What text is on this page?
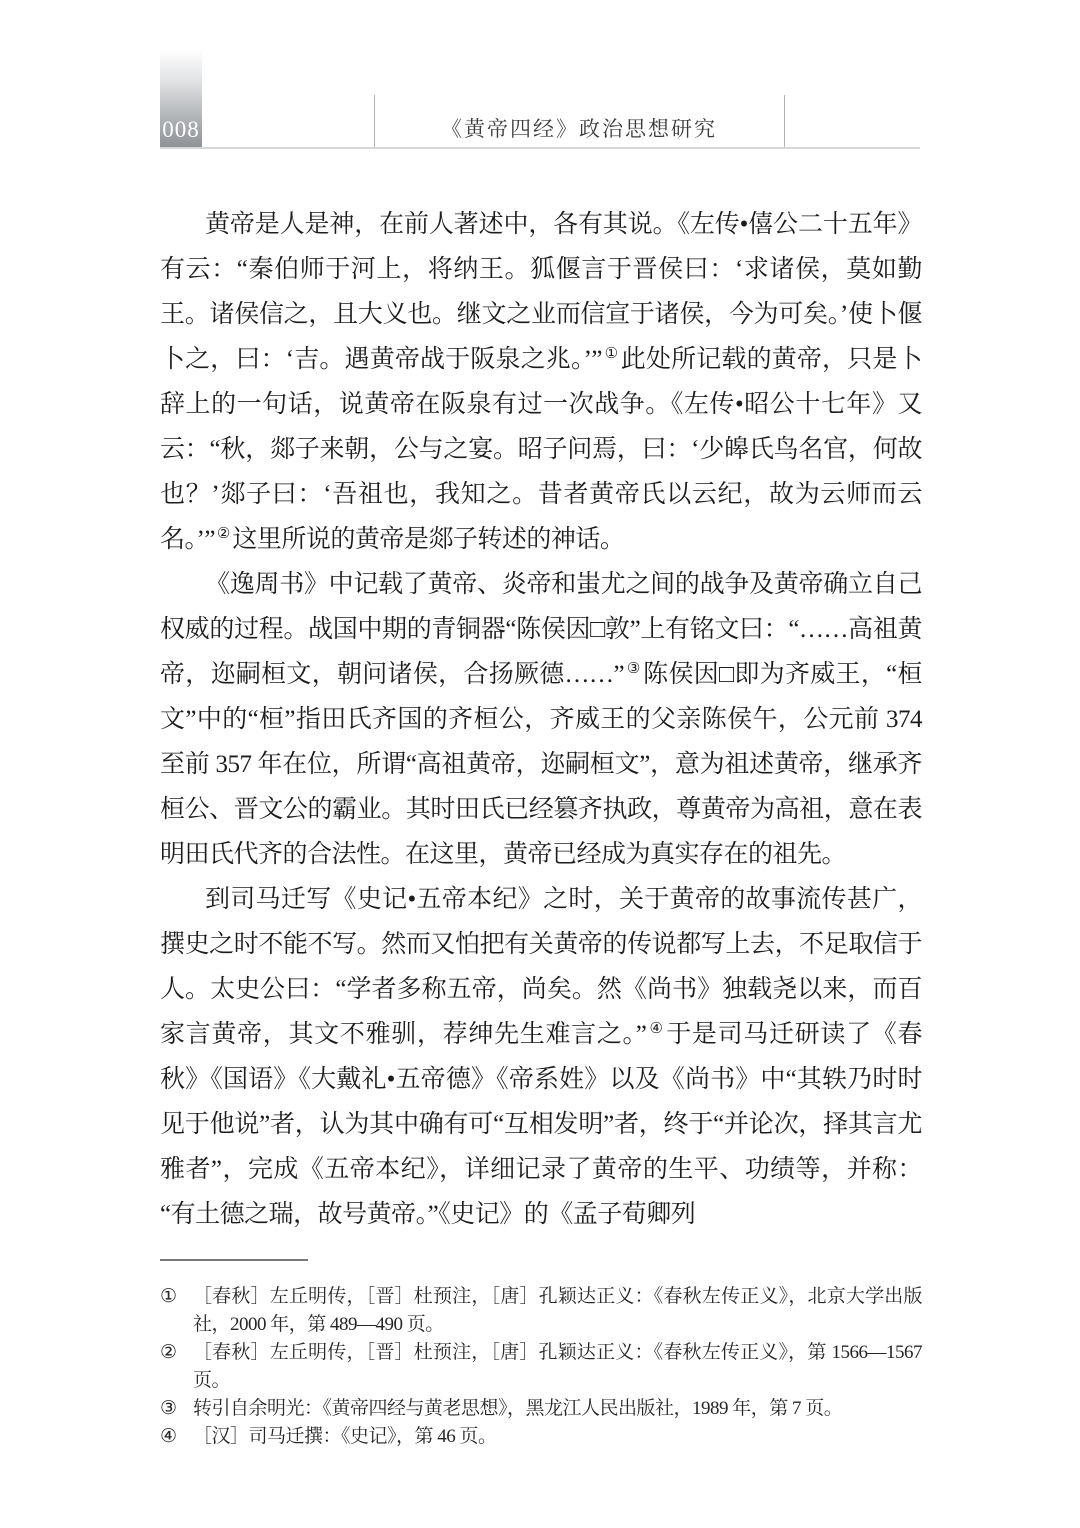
008	《黄帝四经》政治思想研究

黄帝是人是神，在前人著述中，各有其说。《左传•僖公二十五年》有云：“秦伯师于河上，将纳王。狐偃言于晋侯曰：‘求诸侯，莫如勤王。诸侯信之，且大义也。继文之业而信宣于诸侯，今为可矣。’使卜偃卜之，曰：‘吉。遇黄帝战于阪泉之兆。’” ①此处所记载的黄帝，只是卜辞上的一句话，说黄帝在阪泉有过一次战争。《左传•昭公十七年》又云：“秋，郯子来朝，公与之宴。昭子问焉，曰：‘少皞氏鸟名官，何故也？’郯子曰：‘吾祖也，我知之。昔者黄帝氏以云纪，故为云师而云名。’” ②这里所说的黄帝是郯子转述的神话。

《逸周书》中记载了黄帝、炎帝和蚩尤之间的战争及黄帝确立自己权威的过程。战国中期的青铜器“陈侯因□敦”上有铭文曰：“……高祖黄帝，迩嗣桓文，朝问诸侯，合扬厥德……” ③陈侯因□即为齐威王，“桓文”中的“桓”指田氏齐国的齐桓公，齐威王的父亲陈侯午，公元前 374 至前 357 年在位，所谓“高祖黄帝，迩嗣桓文”，意为祖述黄帝，继承齐桓公、晋文公的霸业。其时田氏已经篡齐执政，尊黄帝为高祖，意在表明田氏代齐的合法性。在这里，黄帝已经成为真实存在的祖先。

到司马迁写《史记•五帝本纪》之时，关于黄帝的故事流传甚广，撰史之时不能不写。然而又怕把有关黄帝的传说都写上去，不足取信于人。太史公曰：“学者多称五帝，尚矣。然《尚书》独载尧以来，而百家言黄帝，其文不雅驯，荐绅先生难言之。” ④于是司马迁研读了《春秋》《国语》《大戴礼•五帝德》《帝系姓》以及《尚书》中“其轶乃时时见于他说”者，认为其中确有可“互相发明”者，终于“并论次，择其言尤雅者”，完成《五帝本纪》，详细记录了黄帝的生平、功绩等，并称：“有土德之瑞，故号黄帝。”《史记》的《孟子荀卿列

① ［春秋］左丘明传，［晋］杜预注，［唐］孔颖达正义：《春秋左传正义》，北京大学出版社，2000 年，第 489—490 页。
② ［春秋］左丘明传，［晋］杜预注，［唐］孔颖达正义：《春秋左传正义》，第 1566—1567 页。
③ 转引自余明光：《黄帝四经与黄老思想》，黑龙江人民出版社，1989 年，第 7 页。
④ ［汉］司马迁撰：《史记》，第 46 页。
